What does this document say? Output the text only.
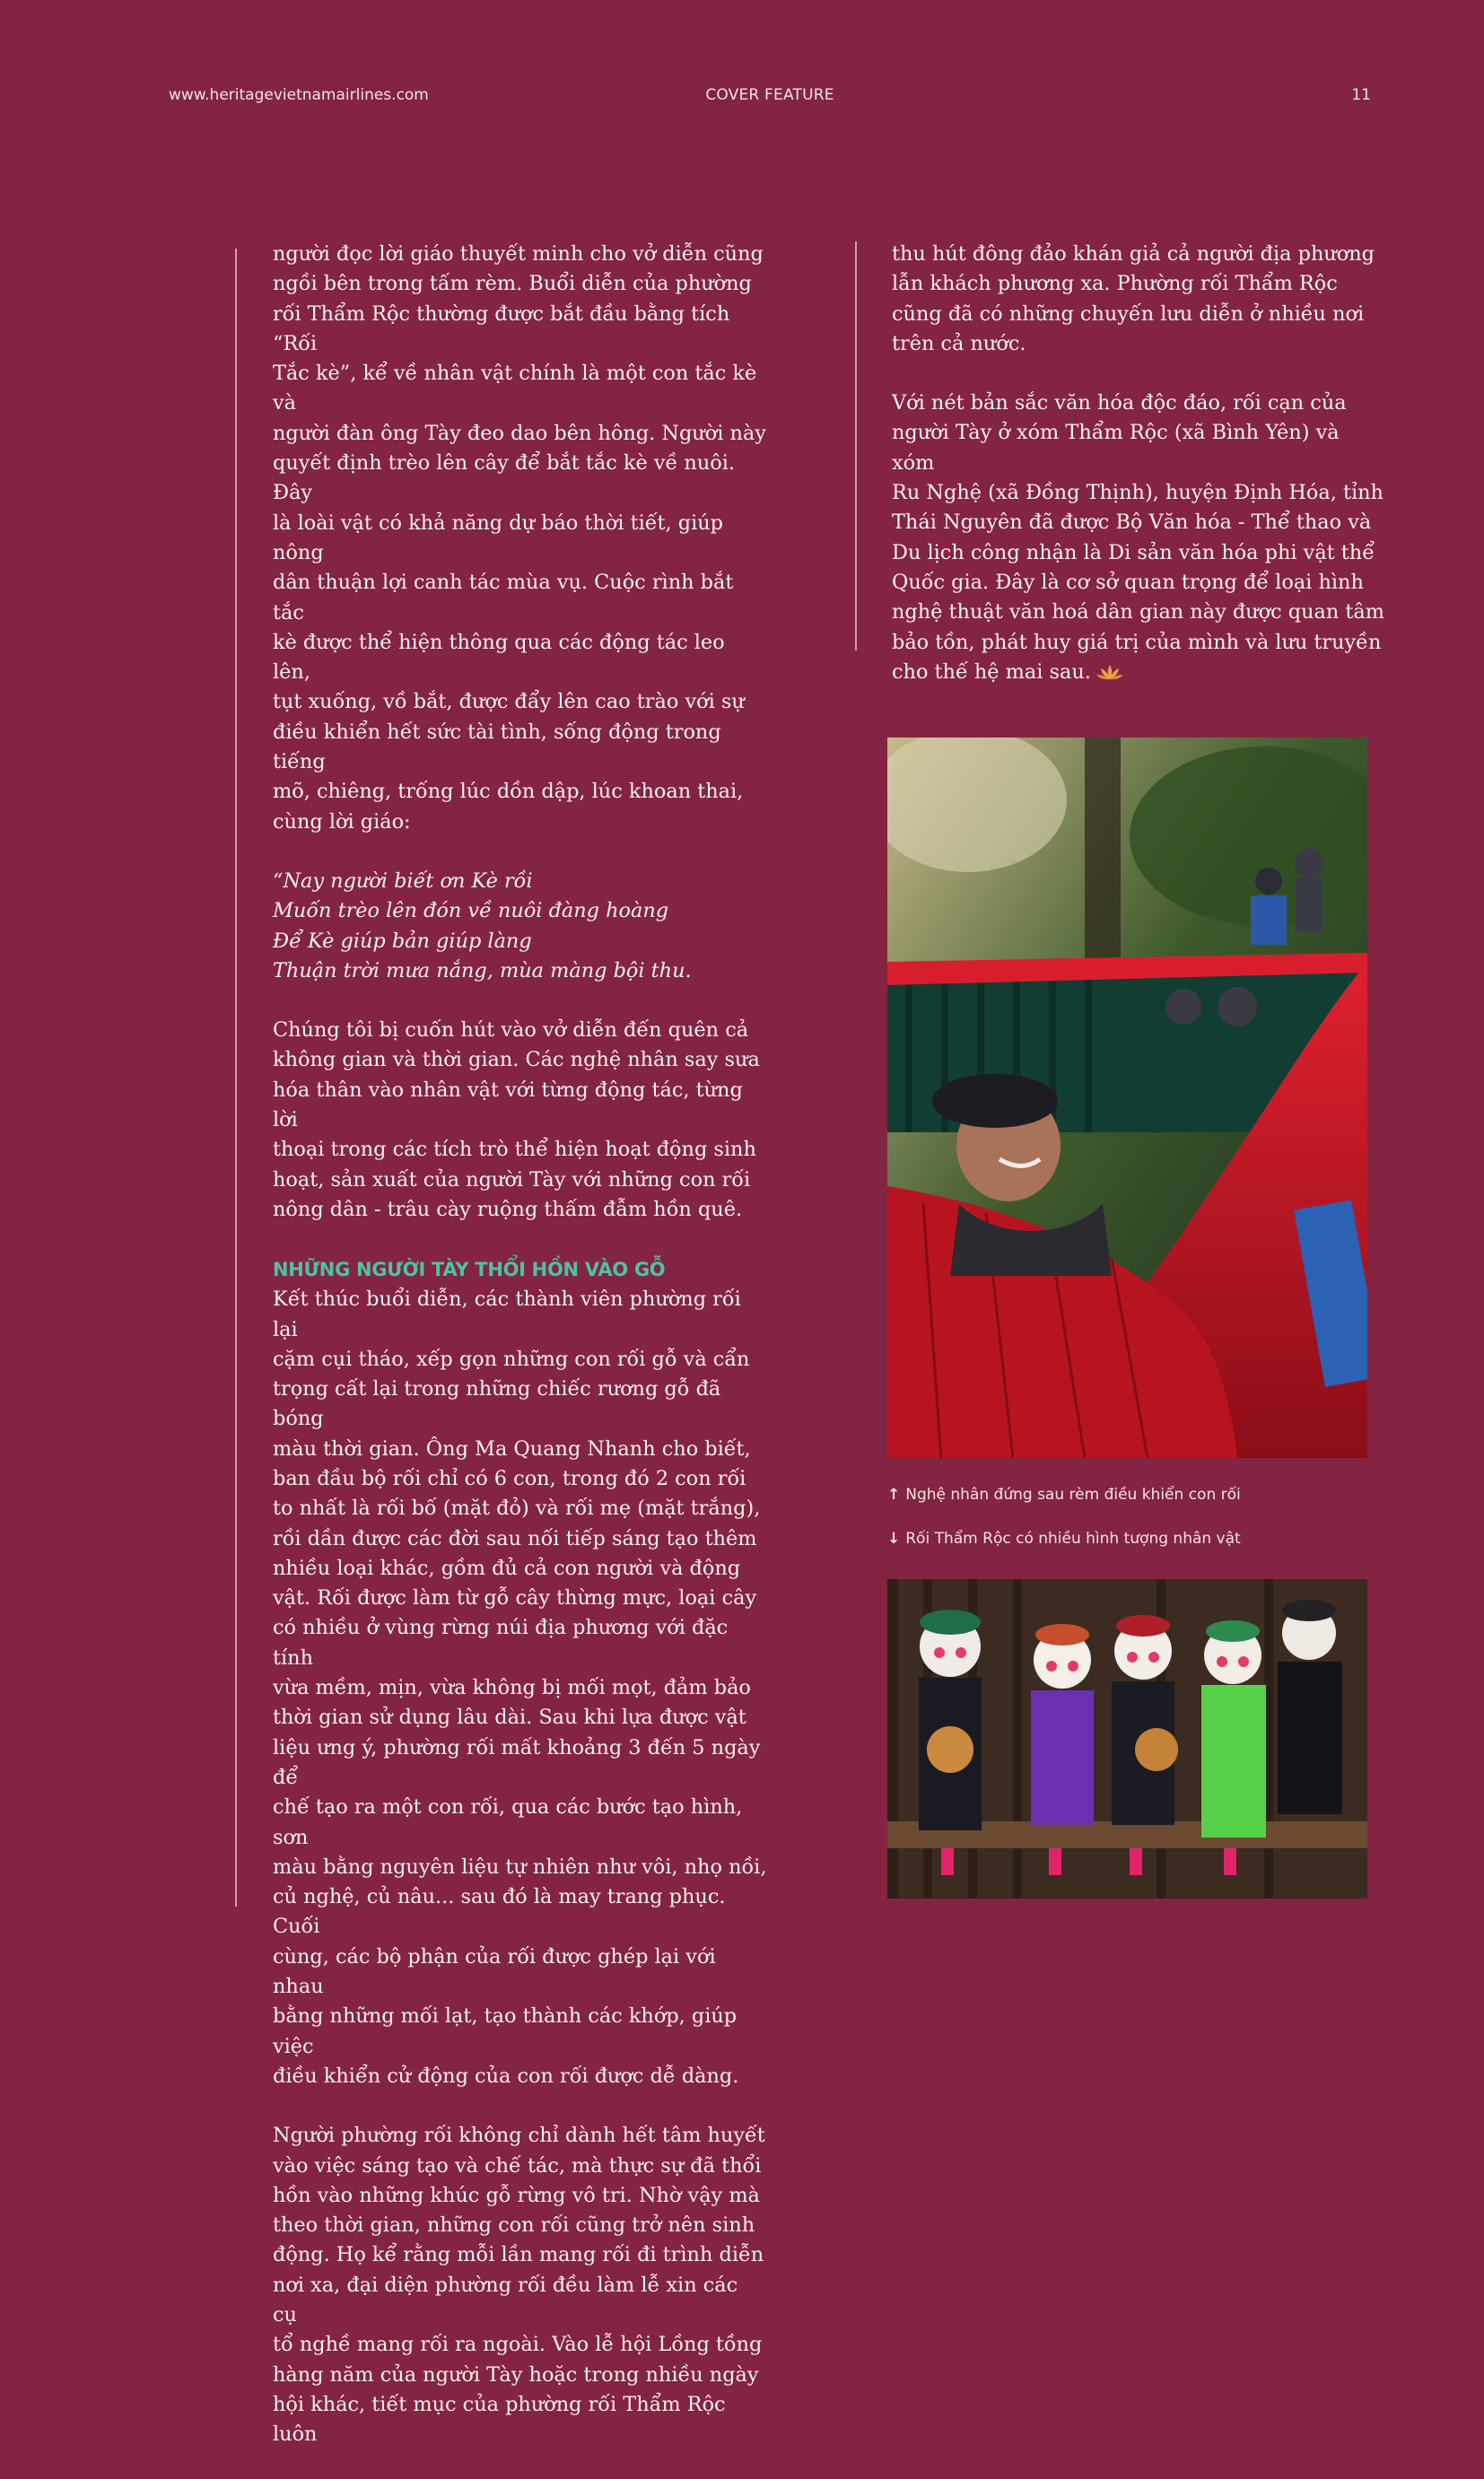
www.heritagevietnamairlines.com	COVER FEATURE	11

người đọc lời giáo thuyết minh cho vở diễn cũng
ngồi bên trong tấm rèm. Buổi diễn của phường
rối Thẩm Rộc thường được bắt đầu bằng tích “Rối
Tắc kè”, kể về nhân vật chính là một con tắc kè và
người đàn ông Tày đeo dao bên hông. Người này
quyết định trèo lên cây để bắt tắc kè về nuôi. Đây
là loài vật có khả năng dự báo thời tiết, giúp nông
dân thuận lợi canh tác mùa vụ. Cuộc rình bắt tắc
kè được thể hiện thông qua các động tác leo lên,
tụt xuống, vồ bắt, được đẩy lên cao trào với sự
điều khiển hết sức tài tình, sống động trong tiếng
mõ, chiêng, trống lúc dồn dập, lúc khoan thai,
cùng lời giáo:

“Nay người biết ơn Kè rồi
Muốn trèo lên đón về nuôi đàng hoàng
Để Kè giúp bản giúp làng
Thuận trời mưa nắng, mùa màng bội thu.

Chúng tôi bị cuốn hút vào vở diễn đến quên cả
không gian và thời gian. Các nghệ nhân say sưa
hóa thân vào nhân vật với từng động tác, từng lời
thoại trong các tích trò thể hiện hoạt động sinh
hoạt, sản xuất của người Tày với những con rối
nông dân - trâu cày ruộng thấm đẫm hồn quê.

NHỮNG NGƯỜI TÀY THỔI HỒN VÀO GỖ

Kết thúc buổi diễn, các thành viên phường rối lại
cặm cụi tháo, xếp gọn những con rối gỗ và cẩn
trọng cất lại trong những chiếc rương gỗ đã bóng
màu thời gian. Ông Ma Quang Nhanh cho biết,
ban đầu bộ rối chỉ có 6 con, trong đó 2 con rối
to nhất là rối bố (mặt đỏ) và rối mẹ (mặt trắng),
rồi dần được các đời sau nối tiếp sáng tạo thêm
nhiều loại khác, gồm đủ cả con người và động
vật. Rối được làm từ gỗ cây thừng mực, loại cây
có nhiều ở vùng rừng núi địa phương với đặc tính
vừa mềm, mịn, vừa không bị mối mọt, đảm bảo
thời gian sử dụng lâu dài. Sau khi lựa được vật
liệu ưng ý, phường rối mất khoảng 3 đến 5 ngày để
chế tạo ra một con rối, qua các bước tạo hình, sơn
màu bằng nguyên liệu tự nhiên như vôi, nhọ nồi,
củ nghệ, củ nâu... sau đó là may trang phục. Cuối
cùng, các bộ phận của rối được ghép lại với nhau
bằng những mối lạt, tạo thành các khớp, giúp việc
điều khiển cử động của con rối được dễ dàng.

Người phường rối không chỉ dành hết tâm huyết
vào việc sáng tạo và chế tác, mà thực sự đã thổi
hồn vào những khúc gỗ rừng vô tri. Nhờ vậy mà
theo thời gian, những con rối cũng trở nên sinh
động. Họ kể rằng mỗi lần mang rối đi trình diễn
nơi xa, đại diện phường rối đều làm lễ xin các cụ
tổ nghề mang rối ra ngoài. Vào lễ hội Lồng tồng
hàng năm của người Tày hoặc trong nhiều ngày
hội khác, tiết mục của phường rối Thẩm Rộc luôn

thu hút đông đảo khán giả cả người địa phương
lẫn khách phương xa. Phường rối Thẩm Rộc
cũng đã có những chuyến lưu diễn ở nhiều nơi
trên cả nước.

Với nét bản sắc văn hóa độc đáo, rối cạn của
người Tày ở xóm Thẩm Rộc (xã Bình Yên) và xóm
Ru Nghệ (xã Đồng Thịnh), huyện Định Hóa, tỉnh
Thái Nguyên đã được Bộ Văn hóa - Thể thao và
Du lịch công nhận là Di sản văn hóa phi vật thể
Quốc gia. Đây là cơ sở quan trọng để loại hình
nghệ thuật văn hoá dân gian này được quan tâm
bảo tồn, phát huy giá trị của mình và lưu truyền
cho thế hệ mai sau.

↑ Nghệ nhân đứng sau rèm điều khiển con rối
↓ Rối Thẩm Rộc có nhiều hình tượng nhân vật
